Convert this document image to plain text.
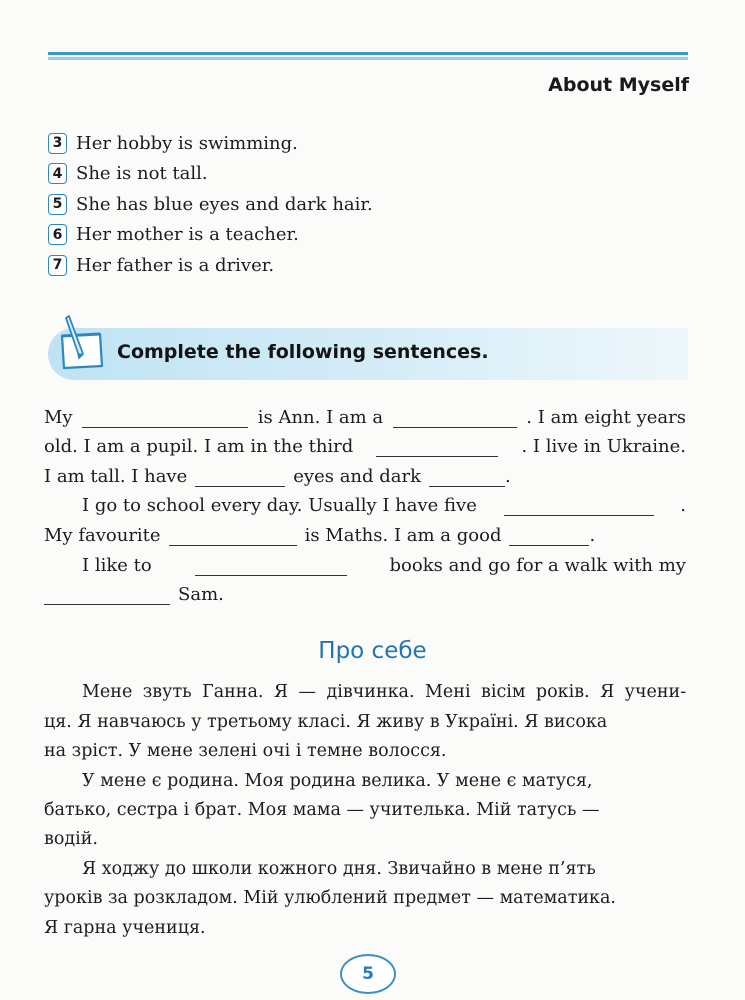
About Myself
3 Her hobby is swimming.
4 She is not tall.
5 She has blue eyes and dark hair.
6 Her mother is a teacher.
7 Her father is a driver.
Complete the following sentences.
My	is Ann. I am a	. I am eight years
old. I am a pupil. I am in the third	. I live in Ukraine.
I am tall. I have	eyes and dark	.
I go to school every day. Usually I have five	.
My favourite	is Maths. I am a good	.
I like to	books and go for a walk with my
Sam.
Про себе
Мене звуть Ганна. Я — дівчинка. Мені вісім років. Я учени-
ця. Я навчаюсь у третьому класі. Я живу в Україні. Я висока
на зріст. У мене зелені очі і темне волосся.
У мене є родина. Моя родина велика. У мене є матуся,
батько, сестра і брат. Моя мама — учителька. Мій татусь —
водій.
Я ходжу до школи кожного дня. Звичайно в мене п’ять
уроків за розкладом. Мій улюблений предмет — математика.
Я гарна учениця.
5
